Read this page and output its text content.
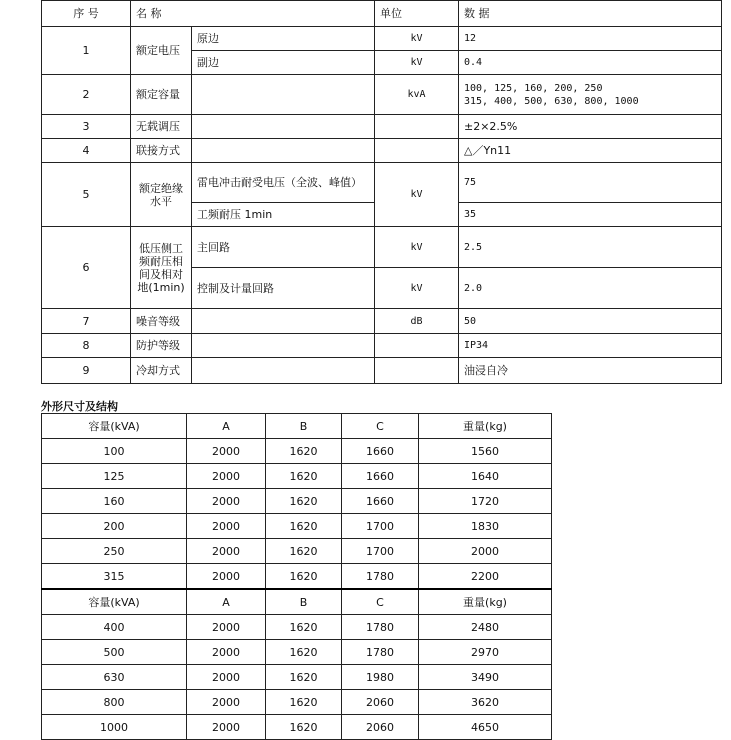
序 号	名 称		单位	数 据
1	额定电压	原边	kV	12
		副边	kV	0.4
2	额定容量		kvA	100, 125, 160, 200, 250
315, 400, 500, 630, 800, 1000

3	无载调压			±2×2.5%
4	联接方式			△／Yn11
5	额定绝缘水平	雷电冲击耐受电压（全波、峰值）	kV	75
		工频耐压 1min		35
6	低压侧工频耐压相间及相对地(1min)	主回路	kV	2.5
		控制及计量回路	kV	2.0
7	噪音等级		dB	50
8	防护等级			IP34
9	冷却方式			油浸自冷
外形尺寸及结构
容量(kVA)	A	B	C	重量(kg)
100	2000	1620	1660	1560
125	2000	1620	1660	1640
160	2000	1620	1660	1720
200	2000	1620	1700	1830
250	2000	1620	1700	2000
315	2000	1620	1780	2200
容量(kVA)	A	B	C	重量(kg)
400	2000	1620	1780	2480
500	2000	1620	1780	2970
630	2000	1620	1980	3490
800	2000	1620	2060	3620
1000	2000	1620	2060	4650
